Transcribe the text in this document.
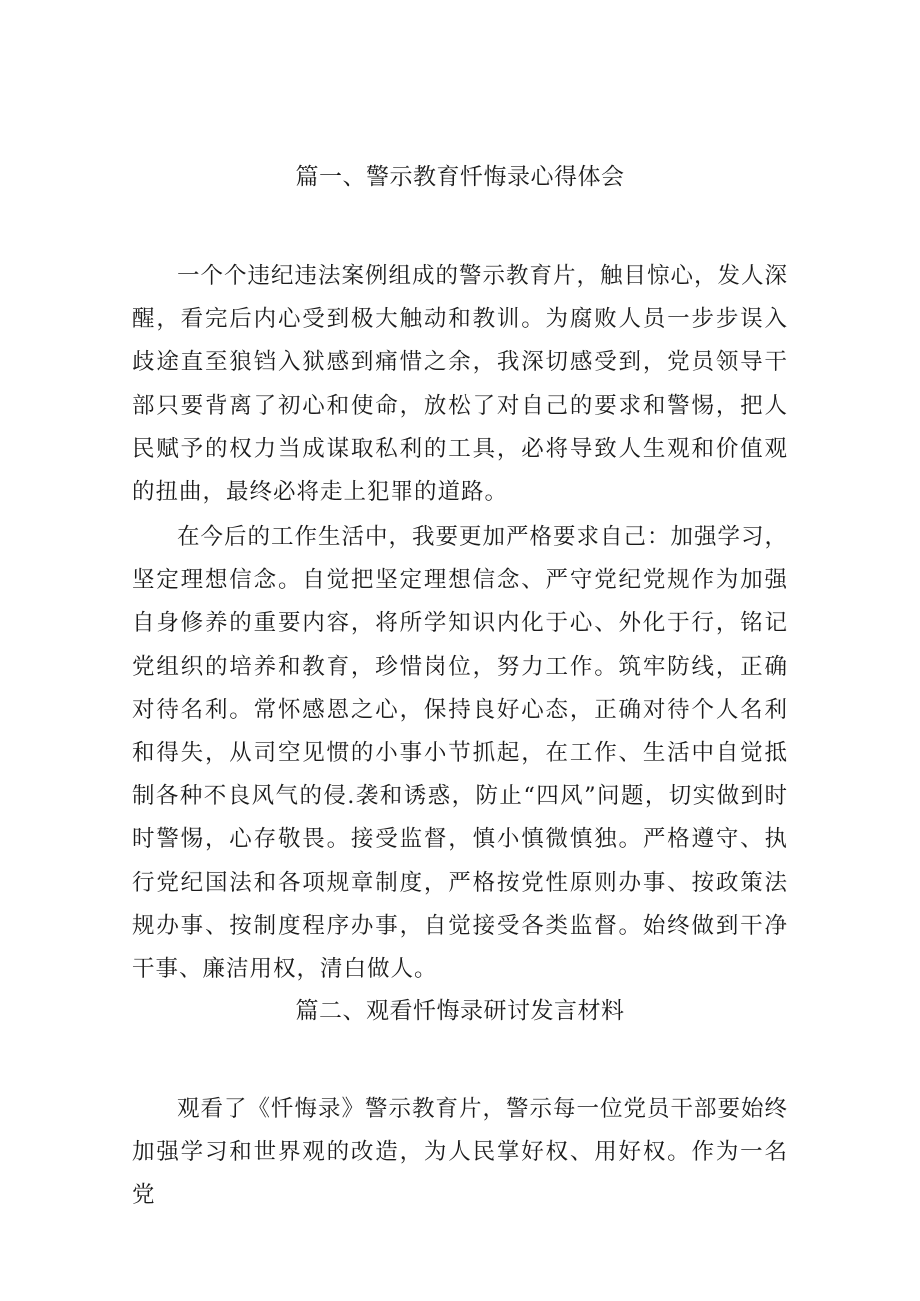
篇一、警示教育忏悔录心得体会

一个个违纪违法案例组成的警示教育片，触目惊心，发人深醒，看完后内心受到极大触动和教训。为腐败人员一步步误入歧途直至狼铛入狱感到痛惜之余，我深切感受到，党员领导干部只要背离了初心和使命，放松了对自己的要求和警惕，把人民赋予的权力当成谋取私利的工具，必将导致人生观和价值观的扭曲，最终必将走上犯罪的道路。

在今后的工作生活中，我要更加严格要求自己：加强学习，坚定理想信念。自觉把坚定理想信念、严守党纪党规作为加强自身修养的重要内容，将所学知识内化于心、外化于行，铭记党组织的培养和教育，珍惜岗位，努力工作。筑牢防线，正确对待名利。常怀感恩之心，保持良好心态，正确对待个人名利和得失，从司空见惯的小事小节抓起，在工作、生活中自觉抵制各种不良风气的侵.袭和诱惑，防止“四风”问题，切实做到时时警惕，心存敬畏。接受监督，慎小慎微慎独。严格遵守、执行党纪国法和各项规章制度，严格按党性原则办事、按政策法规办事、按制度程序办事，自觉接受各类监督。始终做到干净干事、廉洁用权，清白做人。

篇二、观看忏悔录研讨发言材料

观看了《忏悔录》警示教育片，警示每一位党员干部要始终加强学习和世界观的改造，为人民掌好权、用好权。作为一名党
